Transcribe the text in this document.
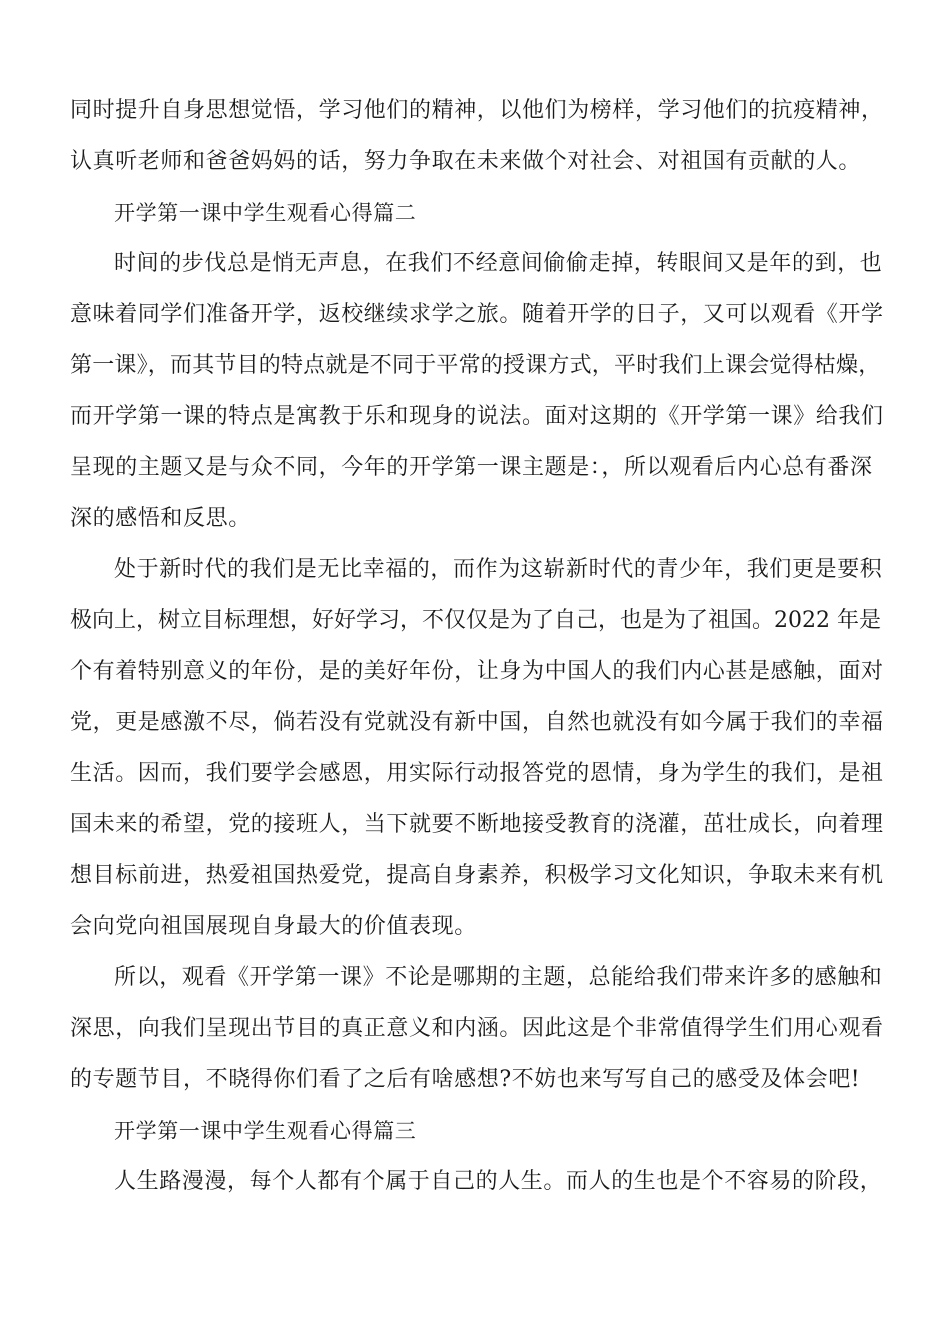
同时提升自身思想觉悟，学习他们的精神，以他们为榜样，学习他们的抗疫精神，

认真听老师和爸爸妈妈的话，努力争取在未来做个对社会、对祖国有贡献的人。

开学第一课中学生观看心得篇二

时间的步伐总是悄无声息，在我们不经意间偷偷走掉，转眼间又是年的到，也

意味着同学们准备开学，返校继续求学之旅。随着开学的日子，又可以观看《开学

第一课》，而其节目的特点就是不同于平常的授课方式，平时我们上课会觉得枯燥，

而开学第一课的特点是寓教于乐和现身的说法。面对这期的《开学第一课》给我们

呈现的主题又是与众不同，今年的开学第一课主题是：，所以观看后内心总有番深

深的感悟和反思。

处于新时代的我们是无比幸福的，而作为这崭新时代的青少年，我们更是要积

极向上，树立目标理想，好好学习，不仅仅是为了自己，也是为了祖国。2022 年是

个有着特别意义的年份，是的美好年份，让身为中国人的我们内心甚是感触，面对

党，更是感激不尽，倘若没有党就没有新中国，自然也就没有如今属于我们的幸福

生活。因而，我们要学会感恩，用实际行动报答党的恩情，身为学生的我们，是祖

国未来的希望，党的接班人，当下就要不断地接受教育的浇灌，茁壮成长，向着理

想目标前进，热爱祖国热爱党，提高自身素养，积极学习文化知识，争取未来有机

会向党向祖国展现自身最大的价值表现。

所以，观看《开学第一课》不论是哪期的主题，总能给我们带来许多的感触和

深思，向我们呈现出节目的真正意义和内涵。因此这是个非常值得学生们用心观看

的专题节目，不晓得你们看了之后有啥感想?不妨也来写写自己的感受及体会吧!

开学第一课中学生观看心得篇三

人生路漫漫，每个人都有个属于自己的人生。而人的生也是个不容易的阶段，
